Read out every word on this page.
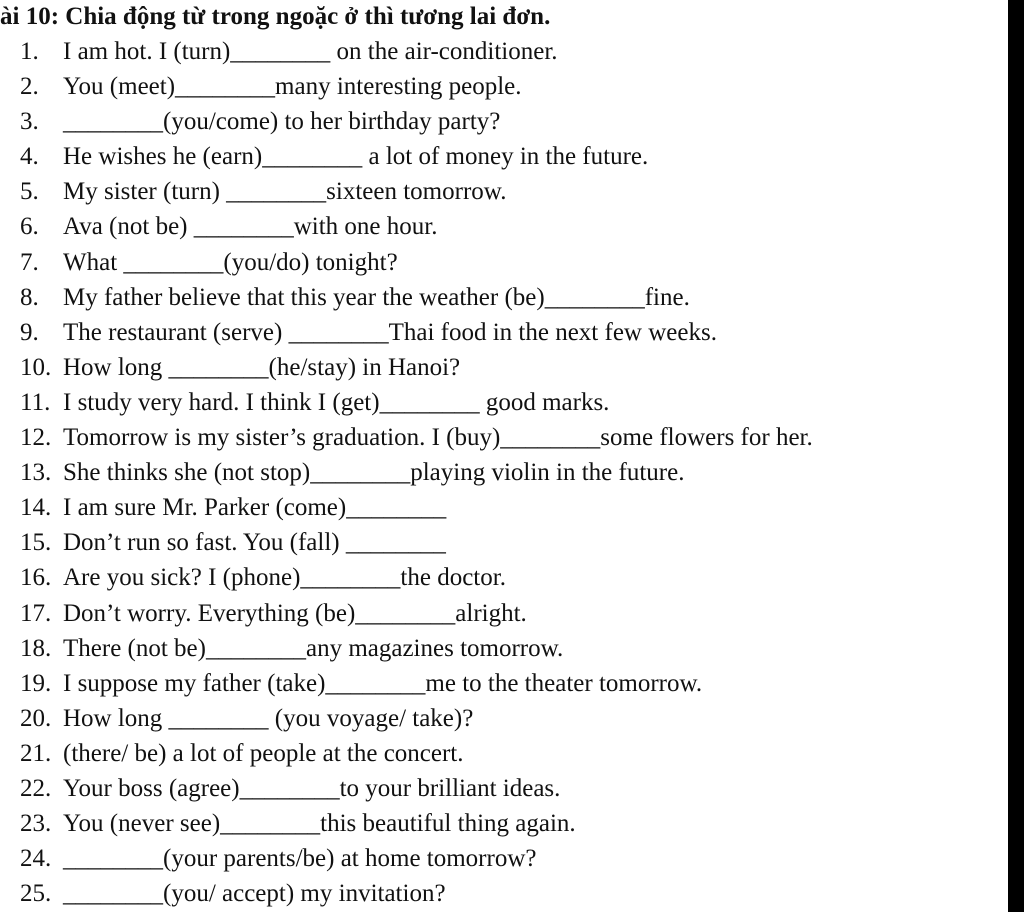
ài 10: Chia động từ trong ngoặc ở thì tương lai đơn.
1. I am hot. I (turn)________ on the air-conditioner.
2. You (meet)________many interesting people.
3. ________(you/come) to her birthday party?
4. He wishes he (earn)________ a lot of money in the future.
5. My sister (turn) ________sixteen tomorrow.
6. Ava (not be) ________with one hour.
7. What ________(you/do) tonight?
8. My father believe that this year the weather (be)________fine.
9. The restaurant (serve) ________Thai food in the next few weeks.
10. How long ________(he/stay) in Hanoi?
11. I study very hard. I think I (get)________ good marks.
12. Tomorrow is my sister’s graduation. I (buy)________some flowers for her.
13. She thinks she (not stop)________playing violin in the future.
14. I am sure Mr. Parker (come)________
15. Don’t run so fast. You (fall) ________
16. Are you sick? I (phone)________the doctor.
17. Don’t worry. Everything (be)________alright.
18. There (not be)________any magazines tomorrow.
19. I suppose my father (take)________me to the theater tomorrow.
20. How long ________ (you voyage/ take)?
21. (there/ be) a lot of people at the concert.
22. Your boss (agree)________to your brilliant ideas.
23. You (never see)________this beautiful thing again.
24. ________(your parents/be) at home tomorrow?
25. ________(you/ accept) my invitation?
